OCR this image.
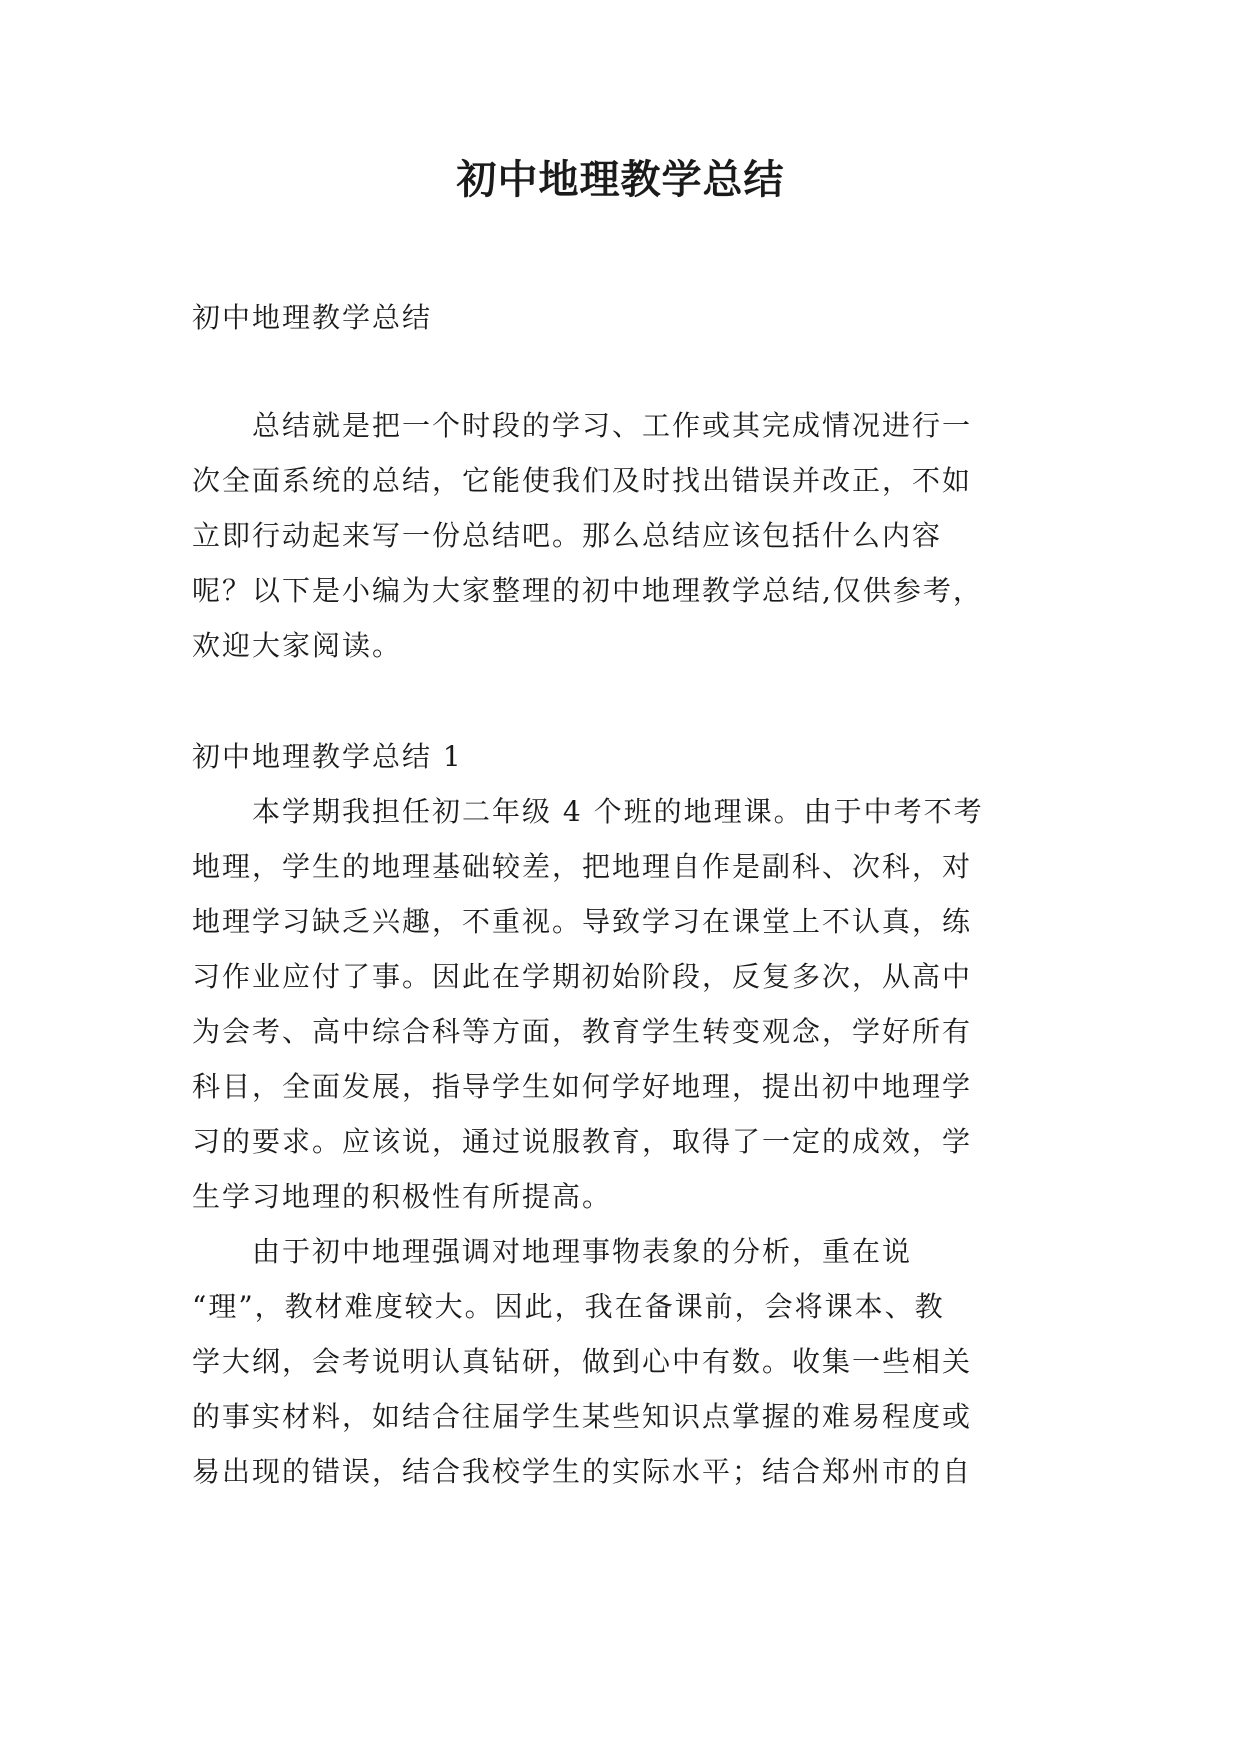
初中地理教学总结

初中地理教学总结

　　总结就是把一个时段的学习、工作或其完成情况进行一

次全面系统的总结，它能使我们及时找出错误并改正，不如

立即行动起来写一份总结吧。那么总结应该包括什么内容

呢？以下是小编为大家整理的初中地理教学总结,仅供参考，

欢迎大家阅读。

初中地理教学总结 1

　　本学期我担任初二年级 4 个班的地理课。由于中考不考

地理，学生的地理基础较差，把地理自作是副科、次科，对

地理学习缺乏兴趣，不重视。导致学习在课堂上不认真，练

习作业应付了事。因此在学期初始阶段，反复多次，从高中

为会考、高中综合科等方面，教育学生转变观念，学好所有

科目，全面发展，指导学生如何学好地理，提出初中地理学

习的要求。应该说，通过说服教育，取得了一定的成效，学

生学习地理的积极性有所提高。

　　由于初中地理强调对地理事物表象的分析，重在说

“理”，教材难度较大。因此，我在备课前，会将课本、教

学大纲，会考说明认真钻研，做到心中有数。收集一些相关

的事实材料，如结合往届学生某些知识点掌握的难易程度或

易出现的错误，结合我校学生的实际水平；结合郑州市的自
